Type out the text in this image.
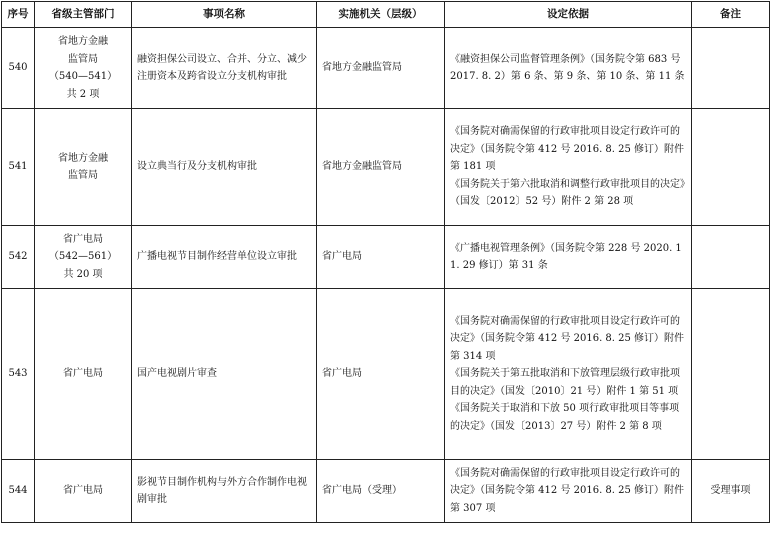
序号	省级主管部门	事项名称	实施机关（层级）	设定依据	备注
540	省地方金融
监管局
（540—541）
共 2 项	融资担保公司设立、合并、分立、减少注册资本及跨省设立分支机构审批	省地方金融监管局	《融资担保公司监督管理条例》（国务院令第 683 号　2017. 8. 2）第 6 条、第 9 条、第 10 条、第 11 条	

541	省地方金融
监管局	设立典当行及分支机构审批	省地方金融监管局	《国务院对确需保留的行政审批项目设定行政许可的决定》（国务院令第 412 号 2016. 8. 25 修订）附件第 181 项
《国务院关于第六批取消和调整行政审批项目的决定》（国发〔2012〕52 号）附件 2 第 28 项	

542	省广电局
（542—561）
共 20 项	广播电视节目制作经营单位设立审批	省广电局	《广播电视管理条例》（国务院令第 228 号 2020. 11. 29 修订）第 31 条	

543	省广电局	国产电视剧片审查	省广电局	《国务院对确需保留的行政审批项目设定行政许可的决定》（国务院令第 412 号 2016. 8. 25 修订）附件第 314 项
《国务院关于第五批取消和下放管理层级行政审批项目的决定》（国发〔2010〕21 号）附件 1 第 51 项
《国务院关于取消和下放 50 项行政审批项目等事项的决定》（国发〔2013〕27 号）附件 2 第 8 项	

544	省广电局	影视节目制作机构与外方合作制作电视剧审批	省广电局（受理）	《国务院对确需保留的行政审批项目设定行政许可的决定》（国务院令第 412 号 2016. 8. 25 修订）附件第 307 项	受理事项
